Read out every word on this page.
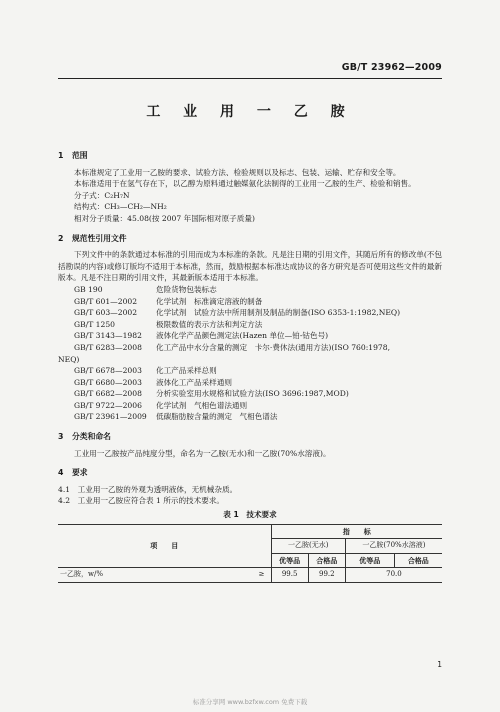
GB/T 23962—2009
工 业 用 一 乙 胺
1 范围

本标准规定了工业用一乙胺的要求、试验方法、检验规则以及标志、包装、运输、贮存和安全等。

本标准适用于在氢气存在下，以乙醇为原料通过触媒氨化法制得的工业用一乙胺的生产、检验和销售。

分子式：C₂H₇N

结构式：CH₃—CH₂—NH₂

相对分子质量：45.08(按 2007 年国际相对原子质量)

2 规范性引用文件

下列文件中的条款通过本标准的引用而成为本标准的条款。凡是注日期的引用文件，其随后所有的修改单(不包括勘误的内容)或修订版均不适用于本标准，然而，鼓励根据本标准达成协议的各方研究是否可使用这些文件的最新版本。凡是不注日期的引用文件，其最新版本适用于本标准。

GB 190	危险货物包装标志
GB/T 601—2002 化学试剂　标准滴定溶液的制备
GB/T 603—2002 化学试剂　试验方法中所用制剂及制品的制备(ISO 6353-1:1982,NEQ)
GB/T 1250	极限数值的表示方法和判定方法
GB/T 3143—1982 液体化学产品颜色测定法(Hazen 单位—铂-钴色号)
GB/T 6283—2008 化工产品中水分含量的测定　卡尔·费休法(通用方法)(ISO 760:1978,
NEQ)
GB/T 6678—2003 化工产品采样总则
GB/T 6680—2003 液体化工产品采样通则
GB/T 6682—2008 分析实验室用水规格和试验方法(ISO 3696:1987,MOD)
GB/T 9722—2006 化学试剂　气相色谱法通则
GB/T 23961—2009 低碳脂肪胺含量的测定　气相色谱法
3 分类和命名

工业用一乙胺按产品纯度分型，命名为一乙胺(无水)和一乙胺(70%水溶液)。

4 要求

4.1　工业用一乙胺的外观为透明液体，无机械杂质。

4.2　工业用一乙胺应符合表 1 所示的技术要求。

表 1　技术要求
项　　目		指　　标			
		一乙胺(无水)		一乙胺(70%水溶液)	
		优等品	合格品	优等品	合格品
一乙胺，w/%	≥	99.5	99.2	70.0	
1
标准分享网 www.bzfxw.com 免费下载
